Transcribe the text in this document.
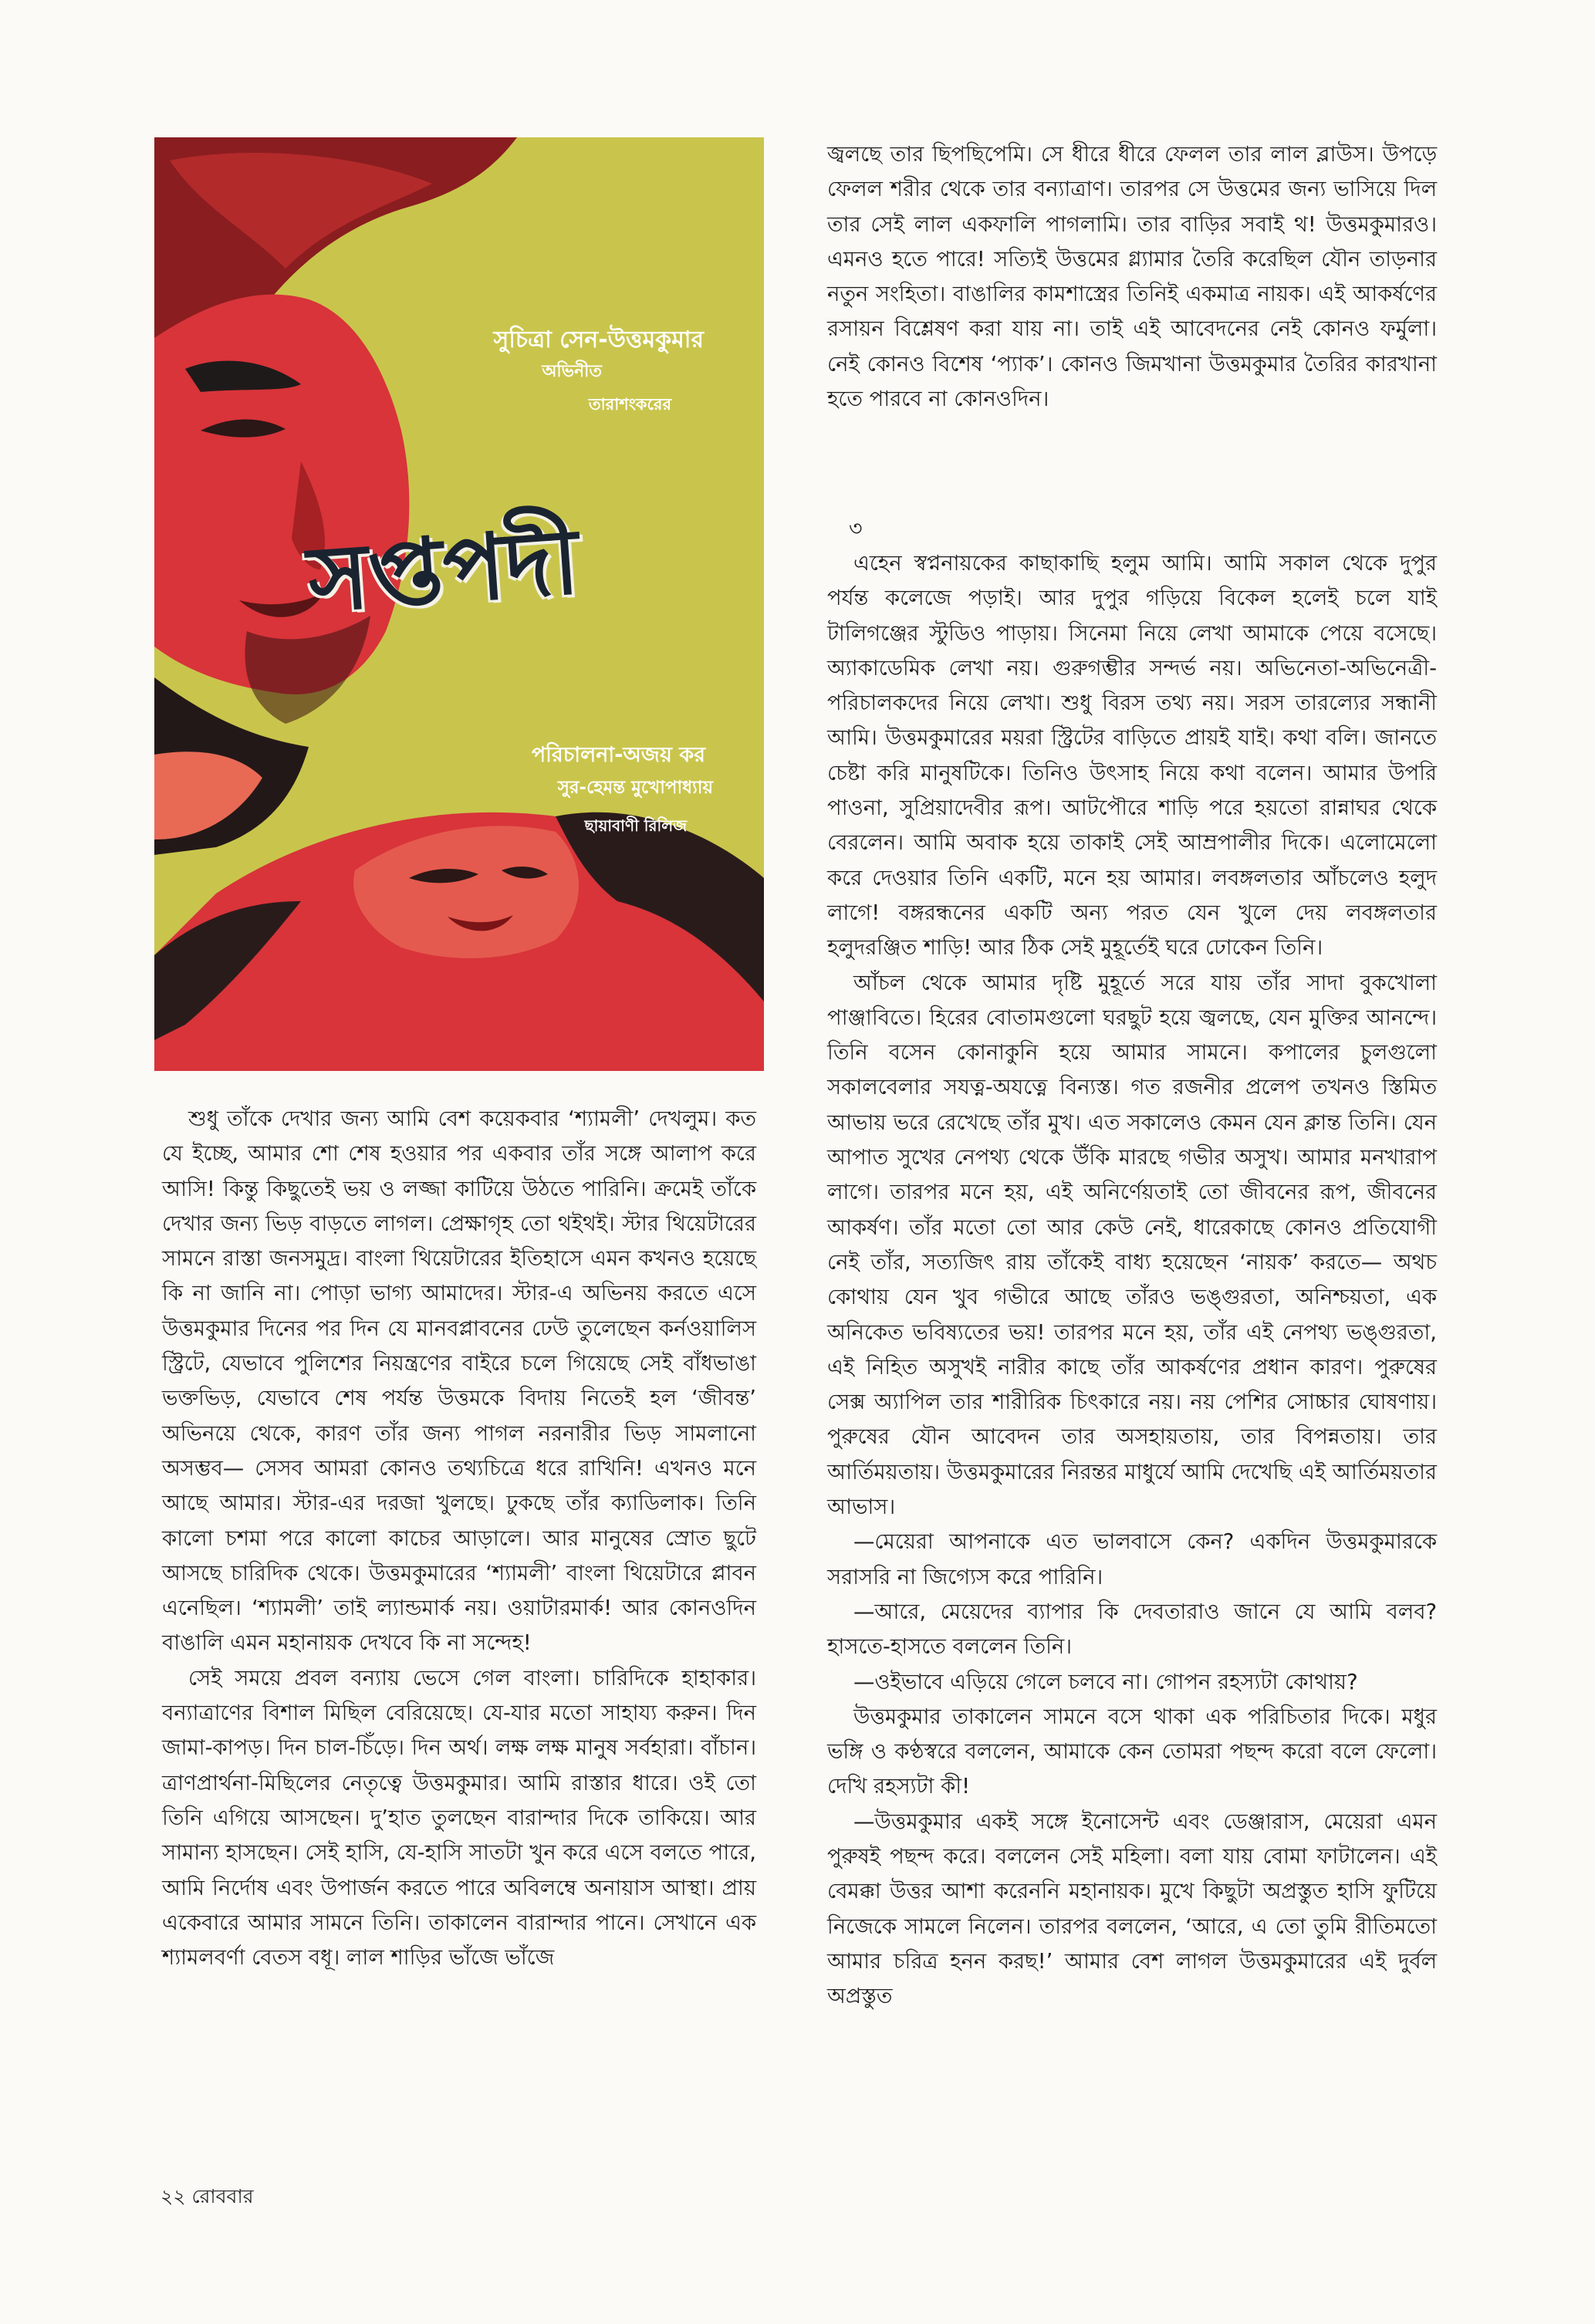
সুচিত্রা সেন-উত্তমকুমার
অভিনীত
তারাশংকরের
সপ্তপদী
পরিচালনা-অজয় কর
সুর-হেমন্ত মুখোপাধ্যায়
ছায়াবাণী রিলিজ

শুধু তাঁকে দেখার জন্য আমি বেশ কয়েকবার ‘শ্যামলী’ দেখলুম। কত যে ইচ্ছে, আমার শো শেষ হওয়ার পর একবার তাঁর সঙ্গে আলাপ করে আসি! কিন্তু কিছুতেই ভয় ও লজ্জা কাটিয়ে উঠতে পারিনি। ক্রমেই তাঁকে দেখার জন্য ভিড় বাড়তে লাগল। প্রেক্ষাগৃহ তো থইথই। স্টার থিয়েটারের সামনে রাস্তা জনসমুদ্র। বাংলা থিয়েটারের ইতিহাসে এমন কখনও হয়েছে কি না জানি না। পোড়া ভাগ্য আমাদের। স্টার-এ অভিনয় করতে এসে উত্তমকুমার দিনের পর দিন যে মানবপ্লাবনের ঢেউ তুলেছেন কর্নওয়ালিস স্ট্রিটে, যেভাবে পুলিশের নিয়ন্ত্রণের বাইরে চলে গিয়েছে সেই বাঁধভাঙা ভক্তভিড়, যেভাবে শেষ পর্যন্ত উত্তমকে বিদায় নিতেই হল ‘জীবন্ত’ অভিনয়ে থেকে, কারণ তাঁর জন্য পাগল নরনারীর ভিড় সামলানো অসম্ভব— সেসব আমরা কোনও তথ্যচিত্রে ধরে রাখিনি! এখনও মনে আছে আমার। স্টার-এর দরজা খুলছে। ঢুকছে তাঁর ক্যাডিলাক। তিনি কালো চশমা পরে কালো কাচের আড়ালে। আর মানুষের স্রোত ছুটে আসছে চারিদিক থেকে। উত্তমকুমারের ‘শ্যামলী’ বাংলা থিয়েটারে প্লাবন এনেছিল। ‘শ্যামলী’ তাই ল্যান্ডমার্ক নয়। ওয়াটারমার্ক! আর কোনওদিন বাঙালি এমন মহানায়ক দেখবে কি না সন্দেহ!

সেই সময়ে প্রবল বন্যায় ভেসে গেল বাংলা। চারিদিকে হাহাকার। বন্যাত্রাণের বিশাল মিছিল বেরিয়েছে। যে-যার মতো সাহায্য করুন। দিন জামা-কাপড়। দিন চাল-চিঁড়ে। দিন অর্থ। লক্ষ লক্ষ মানুষ সর্বহারা। বাঁচান। ত্রাণপ্রার্থনা-মিছিলের নেতৃত্বে উত্তমকুমার। আমি রাস্তার ধারে। ওই তো তিনি এগিয়ে আসছেন। দু’হাত তুলছেন বারান্দার দিকে তাকিয়ে। আর সামান্য হাসছেন। সেই হাসি, যে-হাসি সাতটা খুন করে এসে বলতে পারে, আমি নির্দোষ এবং উপার্জন করতে পারে অবিলম্বে অনায়াস আস্থা। প্রায় একেবারে আমার সামনে তিনি। তাকালেন বারান্দার পানে। সেখানে এক শ্যামলবর্ণা বেতস বধূ। লাল শাড়ির ভাঁজে ভাঁজে

জ্বলছে তার ছিপছিপেমি। সে ধীরে ধীরে ফেলল তার লাল ব্লাউস। উপড়ে ফেলল শরীর থেকে তার বন্যাত্রাণ। তারপর সে উত্তমের জন্য ভাসিয়ে দিল তার সেই লাল একফালি পাগলামি। তার বাড়ির সবাই থ! উত্তমকুমারও। এমনও হতে পারে! সত্যিই উত্তমের গ্ল্যামার তৈরি করেছিল যৌন তাড়নার নতুন সংহিতা। বাঙালির কামশাস্ত্রের তিনিই একমাত্র নায়ক। এই আকর্ষণের রসায়ন বিশ্লেষণ করা যায় না। তাই এই আবেদনের নেই কোনও ফর্মুলা। নেই কোনও বিশেষ ‘প্যাক’। কোনও জিমখানা উত্তমকুমার তৈরির কারখানা হতে পারবে না কোনওদিন।

৩

এহেন স্বপ্ননায়কের কাছাকাছি হলুম আমি। আমি সকাল থেকে দুপুর পর্যন্ত কলেজে পড়াই। আর দুপুর গড়িয়ে বিকেল হলেই চলে যাই টালিগঞ্জের স্টুডিও পাড়ায়। সিনেমা নিয়ে লেখা আমাকে পেয়ে বসেছে। অ্যাকাডেমিক লেখা নয়। গুরুগম্ভীর সন্দর্ভ নয়। অভিনেতা-অভিনেত্রী-পরিচালকদের নিয়ে লেখা। শুধু বিরস তথ্য নয়। সরস তারল্যের সন্ধানী আমি। উত্তমকুমারের ময়রা স্ট্রিটের বাড়িতে প্রায়ই যাই। কথা বলি। জানতে চেষ্টা করি মানুষটিকে। তিনিও উৎসাহ নিয়ে কথা বলেন। আমার উপরি পাওনা, সুপ্রিয়াদেবীর রূপ। আটপৌরে শাড়ি পরে হয়তো রান্নাঘর থেকে বেরলেন। আমি অবাক হয়ে তাকাই সেই আম্রপালীর দিকে। এলোমেলো করে দেওয়ার তিনি একটি, মনে হয় আমার। লবঙ্গলতার আঁচলেও হলুদ লাগে! বঙ্গরন্ধনের একটি অন্য পরত যেন খুলে দেয় লবঙ্গলতার হলুদরঞ্জিত শাড়ি! আর ঠিক সেই মুহূর্তেই ঘরে ঢোকেন তিনি।

আঁচল থেকে আমার দৃষ্টি মুহূর্তে সরে যায় তাঁর সাদা বুকখোলা পাঞ্জাবিতে। হিরের বোতামগুলো ঘরছুট হয়ে জ্বলছে, যেন মুক্তির আনন্দে। তিনি বসেন কোনাকুনি হয়ে আমার সামনে। কপালের চুলগুলো সকালবেলার সযত্ন-অযত্নে বিন্যস্ত। গত রজনীর প্রলেপ তখনও স্তিমিত আভায় ভরে রেখেছে তাঁর মুখ। এত সকালেও কেমন যেন ক্লান্ত তিনি। যেন আপাত সুখের নেপথ্য থেকে উঁকি মারছে গভীর অসুখ। আমার মনখারাপ লাগে। তারপর মনে হয়, এই অনির্ণেয়তাই তো জীবনের রূপ, জীবনের আকর্ষণ। তাঁর মতো তো আর কেউ নেই, ধারেকাছে কোনও প্রতিযোগী নেই তাঁর, সত্যজিৎ রায় তাঁকেই বাধ্য হয়েছেন ‘নায়ক’ করতে— অথচ কোথায় যেন খুব গভীরে আছে তাঁরও ভঙ্গুরতা, অনিশ্চয়তা, এক অনিকেত ভবিষ্যতের ভয়! তারপর মনে হয়, তাঁর এই নেপথ্য ভঙ্গুরতা, এই নিহিত অসুখই নারীর কাছে তাঁর আকর্ষণের প্রধান কারণ। পুরুষের সেক্স অ্যাপিল তার শারীরিক চিৎকারে নয়। নয় পেশির সোচ্চার ঘোষণায়। পুরুষের যৌন আবেদন তার অসহায়তায়, তার বিপন্নতায়। তার আর্তিময়তায়। উত্তমকুমারের নিরন্তর মাধুর্যে আমি দেখেছি এই আর্তিময়তার আভাস।

—মেয়েরা আপনাকে এত ভালবাসে কেন? একদিন উত্তমকুমারকে সরাসরি না জিগ্যেস করে পারিনি।

—আরে, মেয়েদের ব্যাপার কি দেবতারাও জানে যে আমি বলব? হাসতে-হাসতে বললেন তিনি।

—ওইভাবে এড়িয়ে গেলে চলবে না। গোপন রহস্যটা কোথায়?

উত্তমকুমার তাকালেন সামনে বসে থাকা এক পরিচিতার দিকে। মধুর ভঙ্গি ও কণ্ঠস্বরে বললেন, আমাকে কেন তোমরা পছন্দ করো বলে ফেলো। দেখি রহস্যটা কী!

—উত্তমকুমার একই সঙ্গে ইনোসেন্ট এবং ডেঞ্জারাস, মেয়েরা এমন পুরুষই পছন্দ করে। বললেন সেই মহিলা। বলা যায় বোমা ফাটালেন। এই বেমক্কা উত্তর আশা করেননি মহানায়ক। মুখে কিছুটা অপ্রস্তুত হাসি ফুটিয়ে নিজেকে সামলে নিলেন। তারপর বললেন, ‘আরে, এ তো তুমি রীতিমতো আমার চরিত্র হনন করছ!’ আমার বেশ লাগল উত্তমকুমারের এই দুর্বল অপ্রস্তুত

২২ রোববার
